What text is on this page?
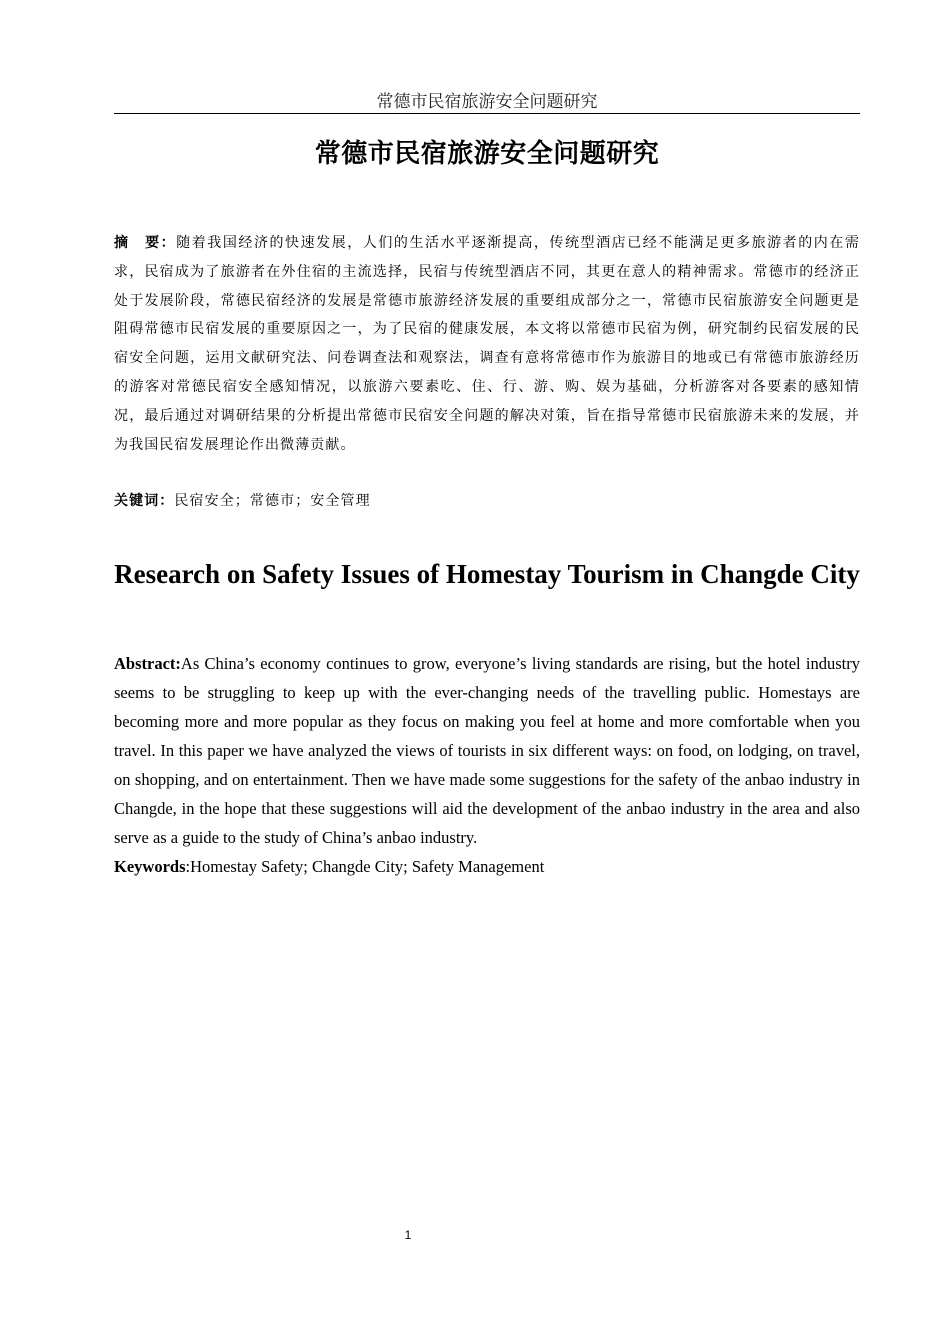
常德市民宿旅游安全问题研究
常德市民宿旅游安全问题研究
摘　要：随着我国经济的快速发展，人们的生活水平逐渐提高，传统型酒店已经不能满足更多旅游者的内在需求，民宿成为了旅游者在外住宿的主流选择，民宿与传统型酒店不同，其更在意人的精神需求。常德市的经济正处于发展阶段，常德民宿经济的发展是常德市旅游经济发展的重要组成部分之一，常德市民宿旅游安全问题更是阻碍常德市民宿发展的重要原因之一，为了民宿的健康发展，本文将以常德市民宿为例，研究制约民宿发展的民宿安全问题，运用文献研究法、问卷调查法和观察法，调查有意将常德市作为旅游目的地或已有常德市旅游经历的游客对常德民宿安全感知情况，以旅游六要素吃、住、行、游、购、娱为基础，分析游客对各要素的感知情况，最后通过对调研结果的分析提出常德市民宿安全问题的解决对策，旨在指导常德市民宿旅游未来的发展，并为我国民宿发展理论作出微薄贡献。
关键词：民宿安全；常德市；安全管理
Research on Safety Issues of Homestay Tourism in Changde City
Abstract:As China’s economy continues to grow, everyone’s living standards are rising, but the hotel industry seems to be struggling to keep up with the ever-changing needs of the travelling public. Homestays are becoming more and more popular as they focus on making you feel at home and more comfortable when you travel. In this paper we have analyzed the views of tourists in six different ways: on food, on lodging, on travel, on shopping, and on entertainment. Then we have made some suggestions for the safety of the anbao industry in Changde, in the hope that these suggestions will aid the development of the anbao industry in the area and also serve as a guide to the study of China’s anbao industry.
Keywords:Homestay Safety; Changde City; Safety Management
1
